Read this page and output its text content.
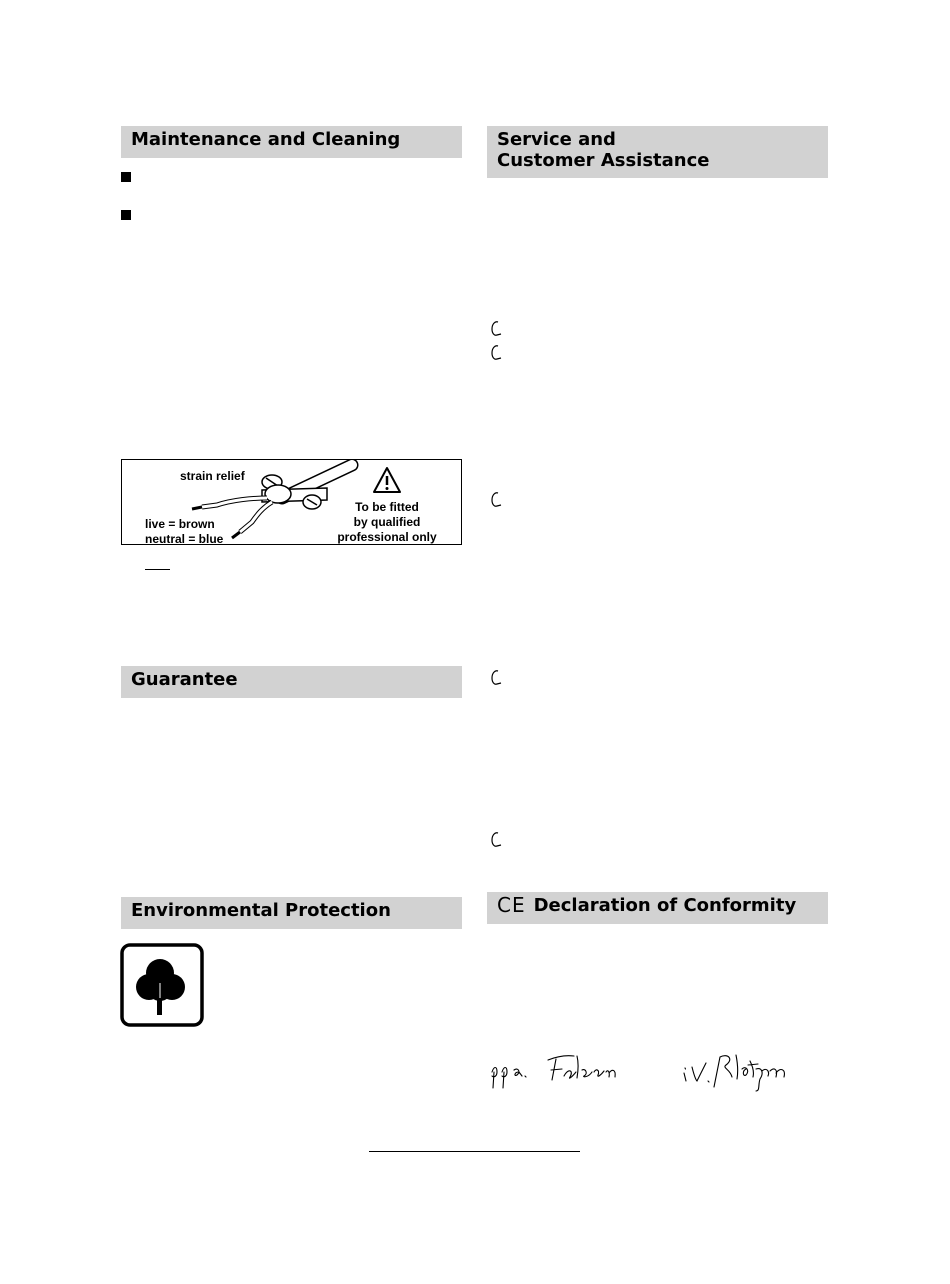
Maintenance and Cleaning
strain relief
live = brown
neutral = blue
To be fitted
by qualified
professional only
Guarantee
Environmental Protection
Service and
Customer Assistance
CE Declaration of Conformity
